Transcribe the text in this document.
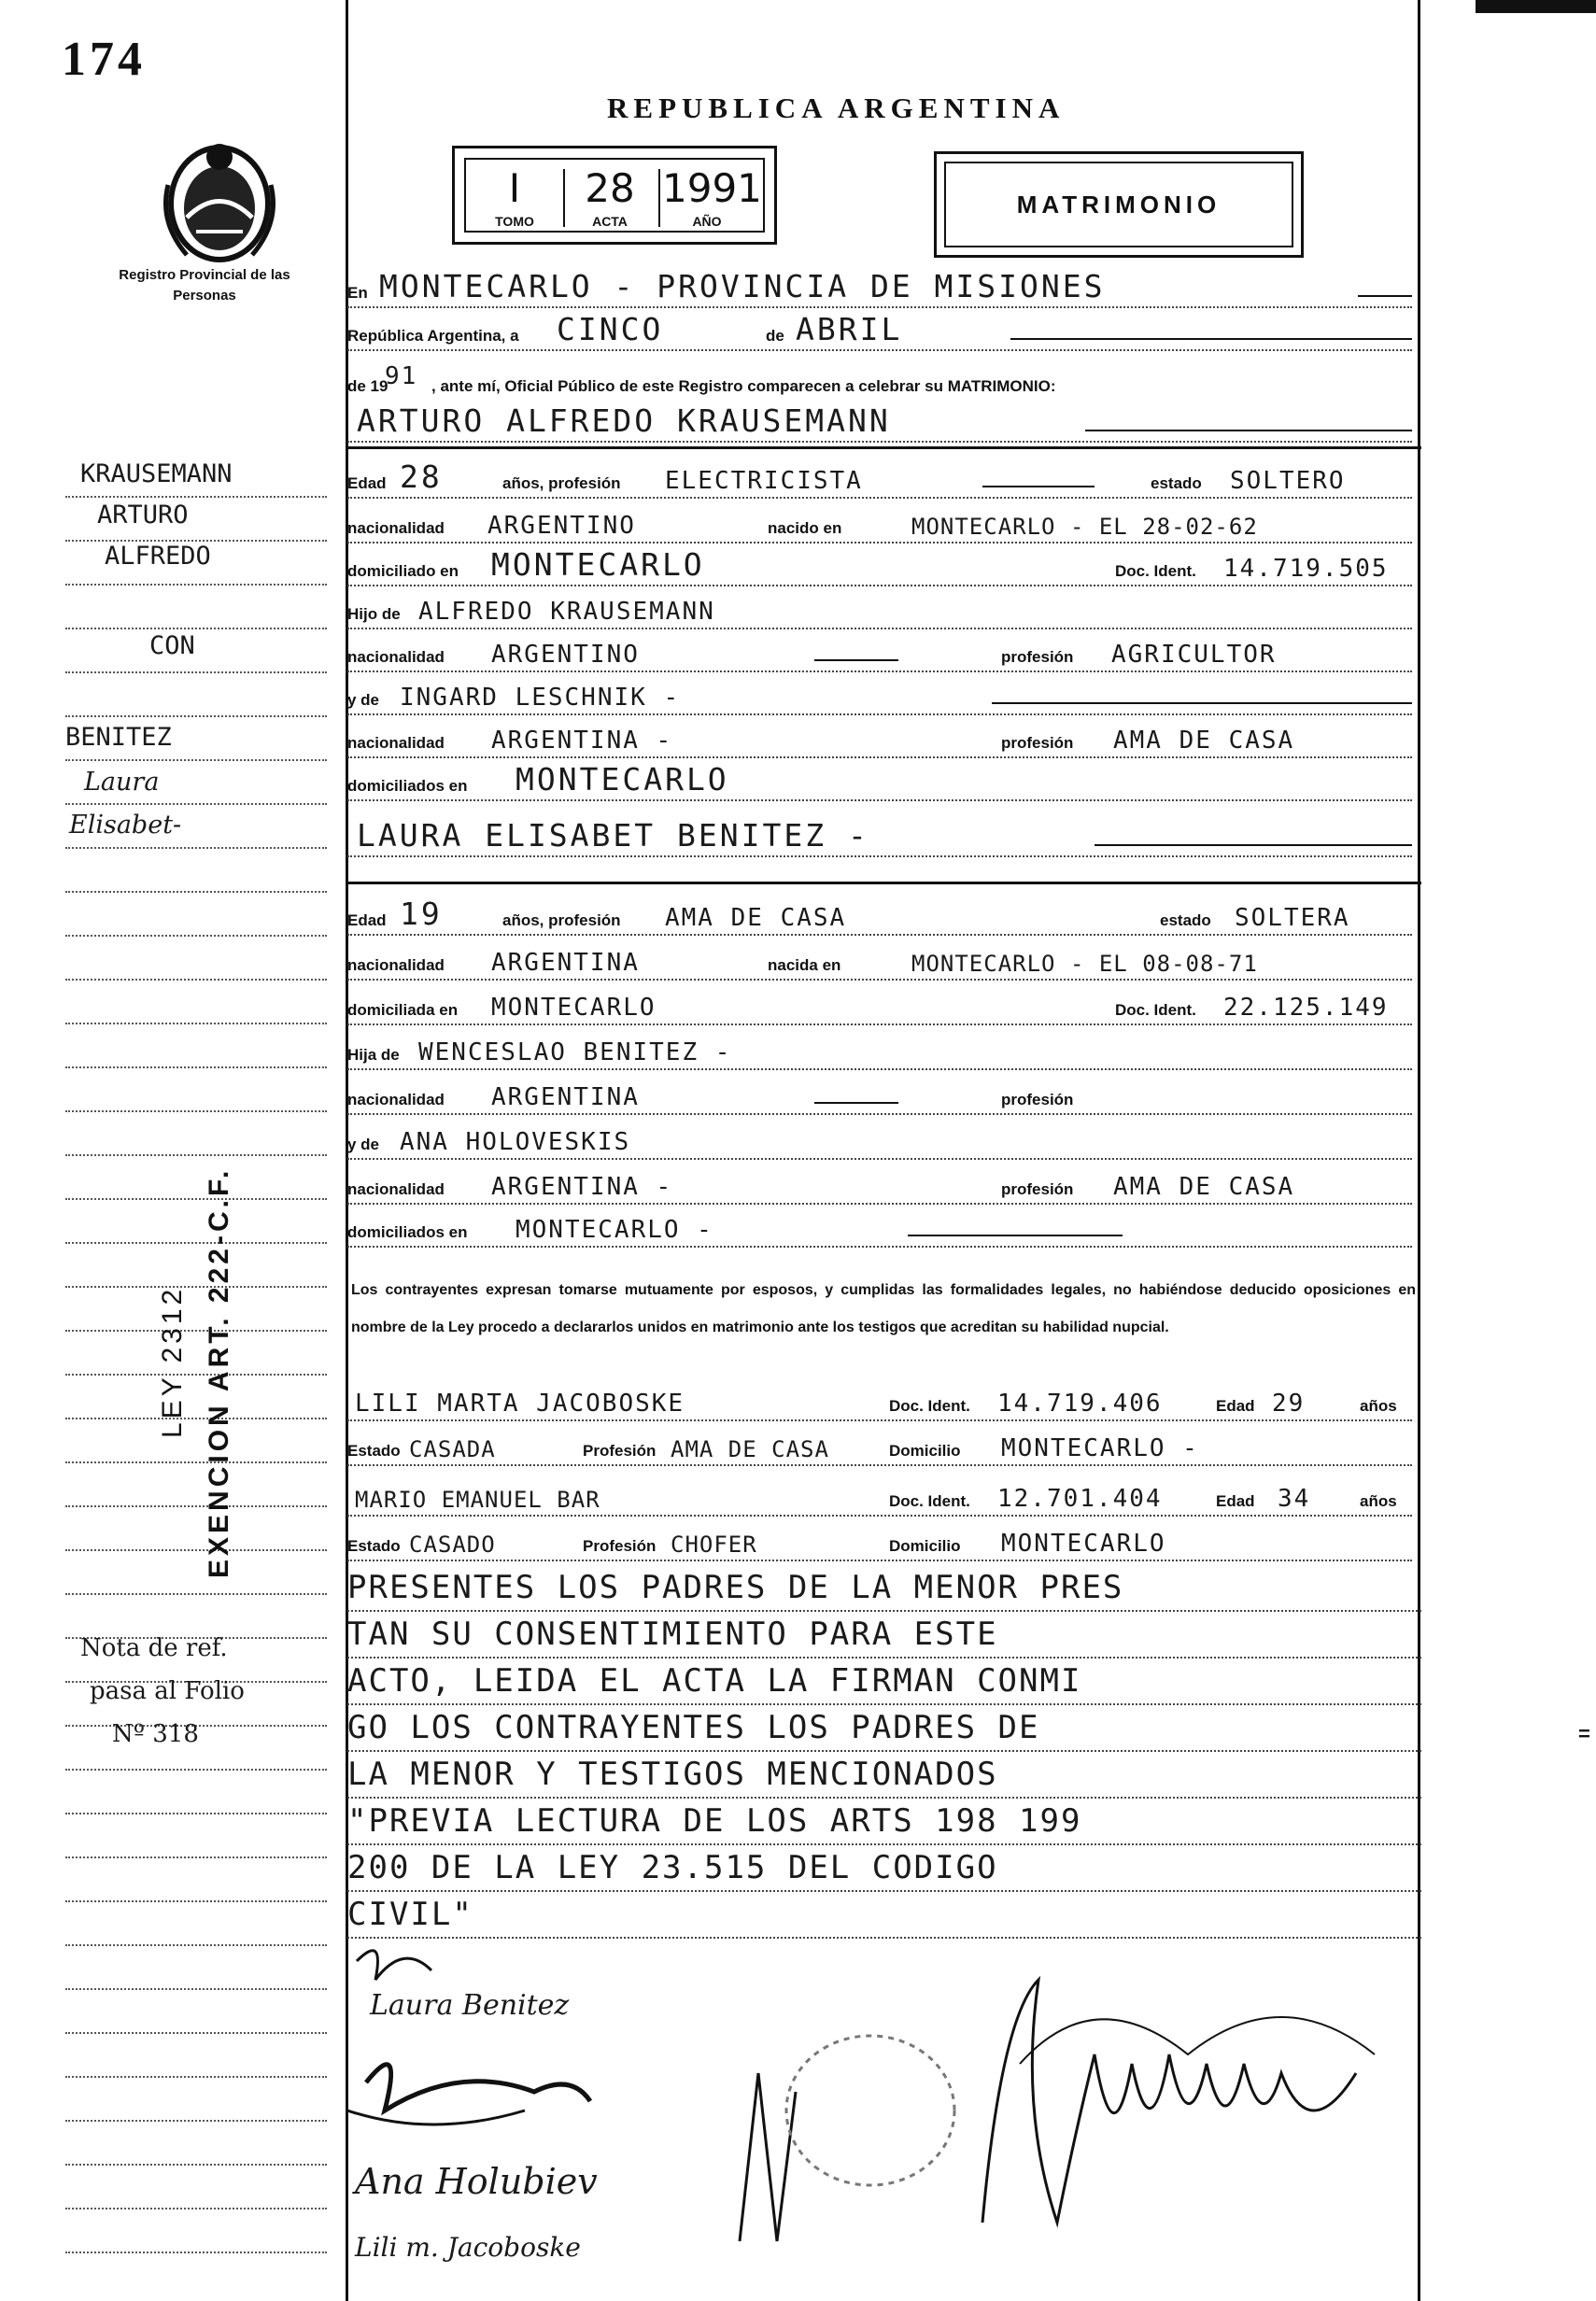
174
Registro Provincial de las Personas
REPUBLICA ARGENTINA
I	28 1991
TOMO	ACTA	AÑO
MATRIMONIO
En MONTECARLO - PROVINCIA DE MISIONES
República Argentina, a CINCO	de ABRIL
de 19
91 , ante mí, Oficial Público de este Registro comparecen a celebrar su MATRIMONIO:
ARTURO ALFREDO KRAUSEMANN
Edad 28	años, profesión ELECTRICISTA	estado SOLTERO
nacionalidad ARGENTINO	nacido en	MONTECARLO - EL 28-02-62
domiciliado en MONTECARLO	Doc. Ident. 14.719.505
Hijo de ALFREDO KRAUSEMANN
nacionalidad ARGENTINO	profesión AGRICULTOR
y de INGARD LESCHNIK -
nacionalidad ARGENTINA -	profesión AMA DE CASA
domiciliados en MONTECARLO
LAURA ELISABET BENITEZ -
Edad 19	años, profesión AMA DE CASA	estado SOLTERA
nacionalidad ARGENTINA	nacida en	MONTECARLO - EL 08-08-71
domiciliada en MONTECARLO	Doc. Ident. 22.125.149
Hija de WENCESLAO BENITEZ -
nacionalidad ARGENTINA	profesión
y de ANA HOLOVESKIS
nacionalidad ARGENTINA -	profesión AMA DE CASA
domiciliados en MONTECARLO -
Los contrayentes expresan tomarse mutuamente por esposos, y cumplidas las formalidades legales, no habiéndose deducido oposiciones en nombre de la Ley procedo a declararlos unidos en matrimonio ante los testigos que acreditan su habilidad nupcial.
LILI MARTA JACOBOSKE	Doc. Ident. 14.719.406	Edad 29	años
Estado CASADA	Profesión AMA DE CASA	Domicilio MONTECARLO -
MARIO EMANUEL BAR	Doc. Ident. 12.701.404	Edad 34	años
Estado CASADO	Profesión CHOFER	Domicilio MONTECARLO
PRESENTES LOS PADRES DE LA MENOR PRES
TAN SU CONSENTIMIENTO PARA ESTE
ACTO, LEIDA EL ACTA LA FIRMAN CONMI
GO LOS CONTRAYENTES LOS PADRES DE
LA MENOR Y TESTIGOS MENCIONADOS
"PREVIA LECTURA DE LOS ARTS 198 199
200 DE LA LEY 23.515 DEL CODIGO
CIVIL"
KRAUSEMANN
ARTURO
ALFREDO
CON
BENITEZ
Laura
Elisabet-
LEY 2312 EXENCION ART. 222-C.F.
Nota de ref.
pasa al Folio
Nº 318
Laura Benitez
Ana Holubiev
Lili m. Jacoboske
=
